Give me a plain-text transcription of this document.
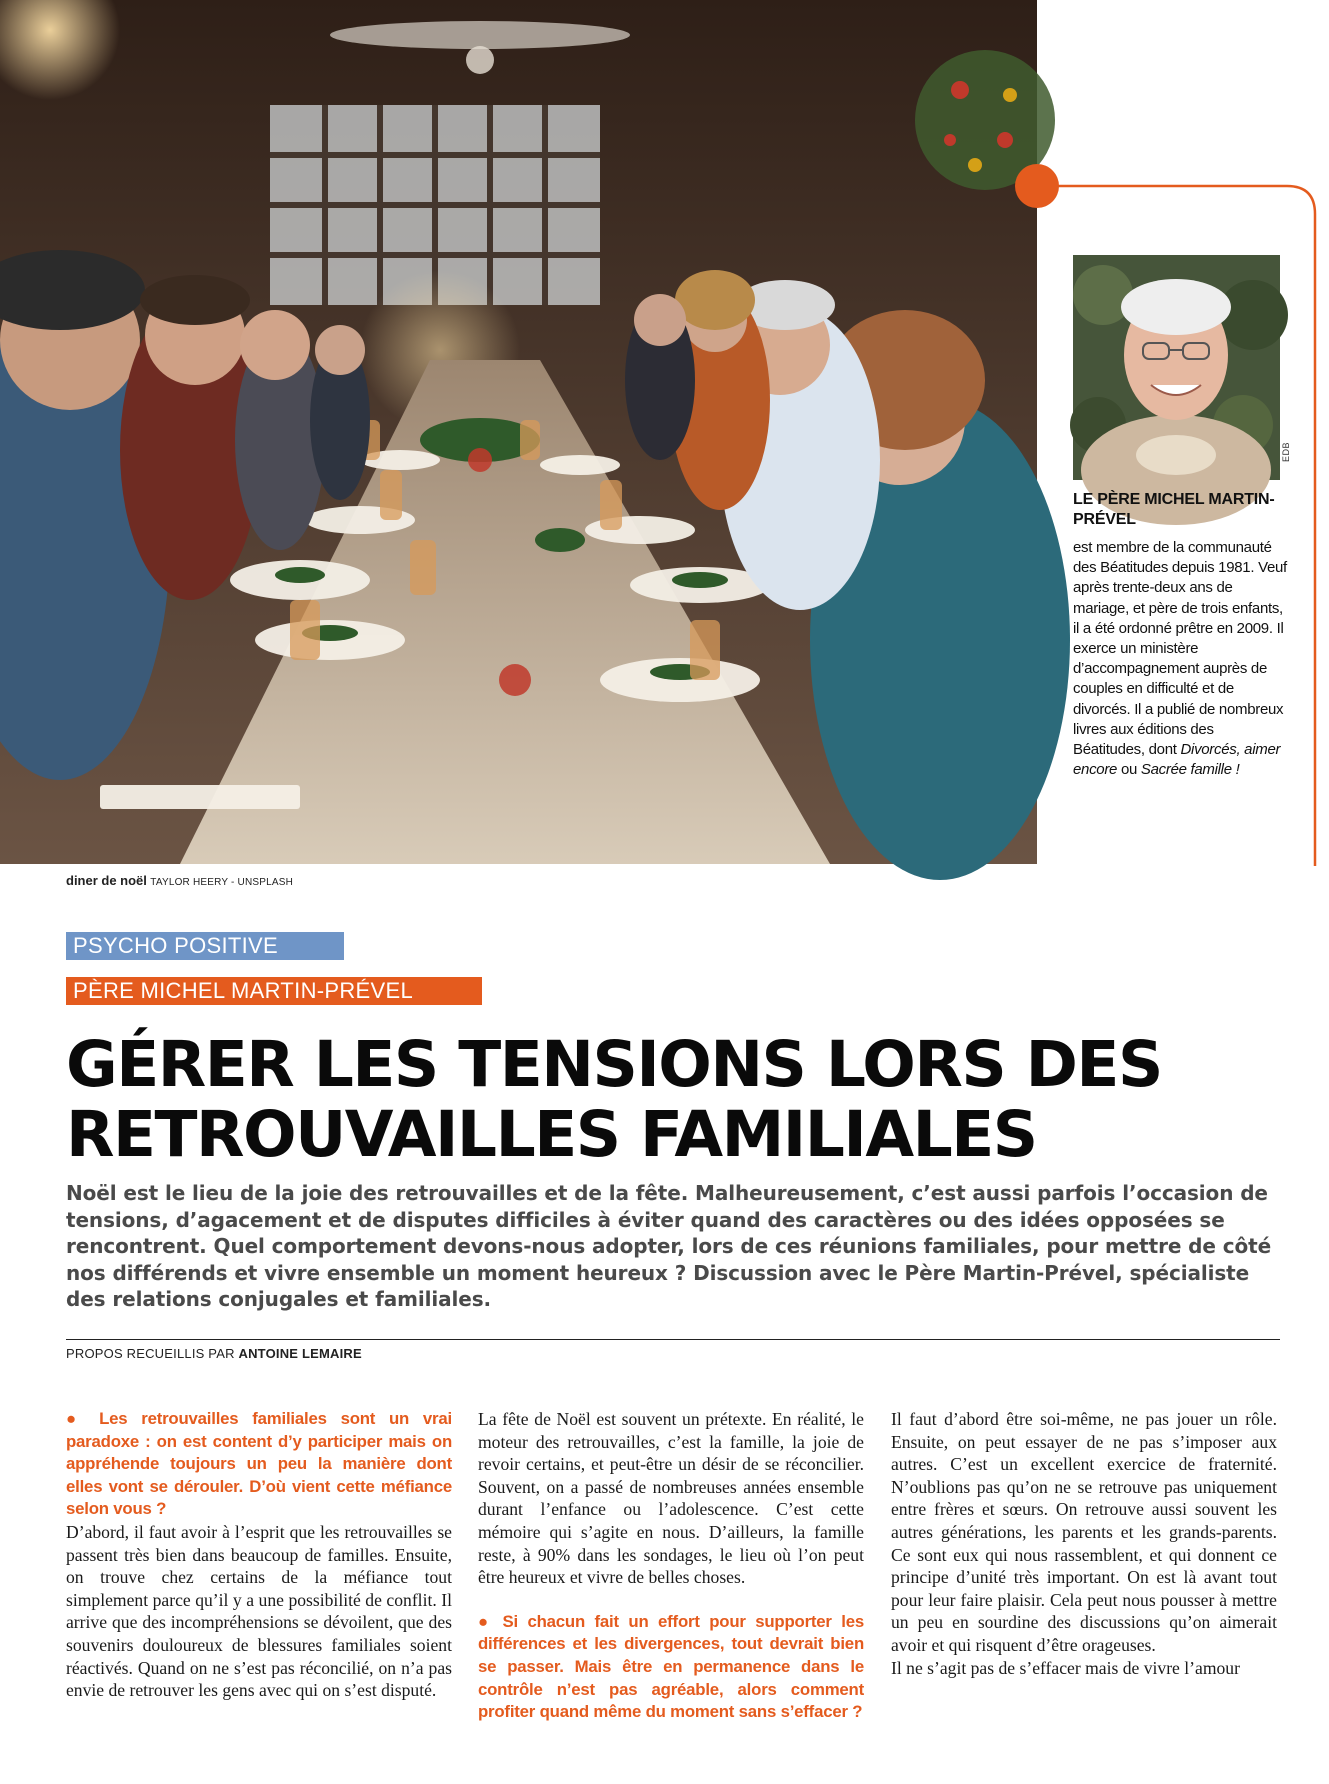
diner de noël TAYLOR HEERY - UNSPLASH
EDB
LE PÈRE MICHEL MARTIN-PRÉVEL
est membre de la communauté des Béatitudes depuis 1981. Veuf après trente-deux ans de mariage, et père de trois enfants, il a été ordonné prêtre en 2009. Il exerce un ministère d’accompagnement auprès de couples en difficulté et de divorcés. Il a publié de nombreux livres aux éditions des Béatitudes, dont Divorcés, aimer encore ou Sacrée famille !
PSYCHO POSITIVE
PÈRE MICHEL MARTIN-PRÉVEL
GÉRER LES TENSIONS LORS DES RETROUVAILLES FAMILIALES

Noël est le lieu de la joie des retrouvailles et de la fête. Malheureusement, c’est aussi parfois l’occasion de tensions, d’agacement et de disputes difficiles à éviter quand des caractères ou des idées opposées se rencontrent. Quel comportement devons-nous adopter, lors de ces réunions familiales, pour mettre de côté nos différends et vivre ensemble un moment heureux ? Discussion avec le Père Martin-Prével, spécialiste des relations conjugales et familiales.

PROPOS RECUEILLIS PAR ANTOINE LEMAIRE

● Les retrouvailles familiales sont un vrai paradoxe : on est content d’y participer mais on appréhende toujours un peu la manière dont elles vont se dérouler. D’où vient cette méfiance selon vous ?

D’abord, il faut avoir à l’esprit que les retrouvailles se passent très bien dans beaucoup de familles. Ensuite, on trouve chez certains de la méfiance tout simplement parce qu’il y a une possibilité de conflit. Il arrive que des incompréhensions se dévoilent, que des souvenirs douloureux de blessures familiales soient réactivés. Quand on ne s’est pas réconcilié, on n’a pas envie de retrouver les gens avec qui on s’est disputé.

La fête de Noël est souvent un prétexte. En réalité, le moteur des retrouvailles, c’est la famille, la joie de revoir certains, et peut-être un désir de se réconcilier. Souvent, on a passé de nombreuses années ensemble durant l’enfance ou l’adolescence. C’est cette mémoire qui s’agite en nous. D’ailleurs, la famille reste, à 90% dans les sondages, le lieu où l’on peut être heureux et vivre de belles choses.

● Si chacun fait un effort pour supporter les différences et les divergences, tout devrait bien se passer. Mais être en permanence dans le contrôle n’est pas agréable, alors comment profiter quand même du moment sans s’effacer ?

Il faut d’abord être soi-même, ne pas jouer un rôle. Ensuite, on peut essayer de ne pas s’imposer aux autres. C’est un excellent exercice de fraternité. N’oublions pas qu’on ne se retrouve pas uniquement entre frères et sœurs. On retrouve aussi souvent les autres générations, les parents et les grands-parents. Ce sont eux qui nous rassemblent, et qui donnent ce principe d’unité très important. On est là avant tout pour leur faire plaisir. Cela peut nous pousser à mettre un peu en sourdine des discussions qu’on aimerait avoir et qui risquent d’être orageuses.

Il ne s’agit pas de s’effacer mais de vivre l’amour
